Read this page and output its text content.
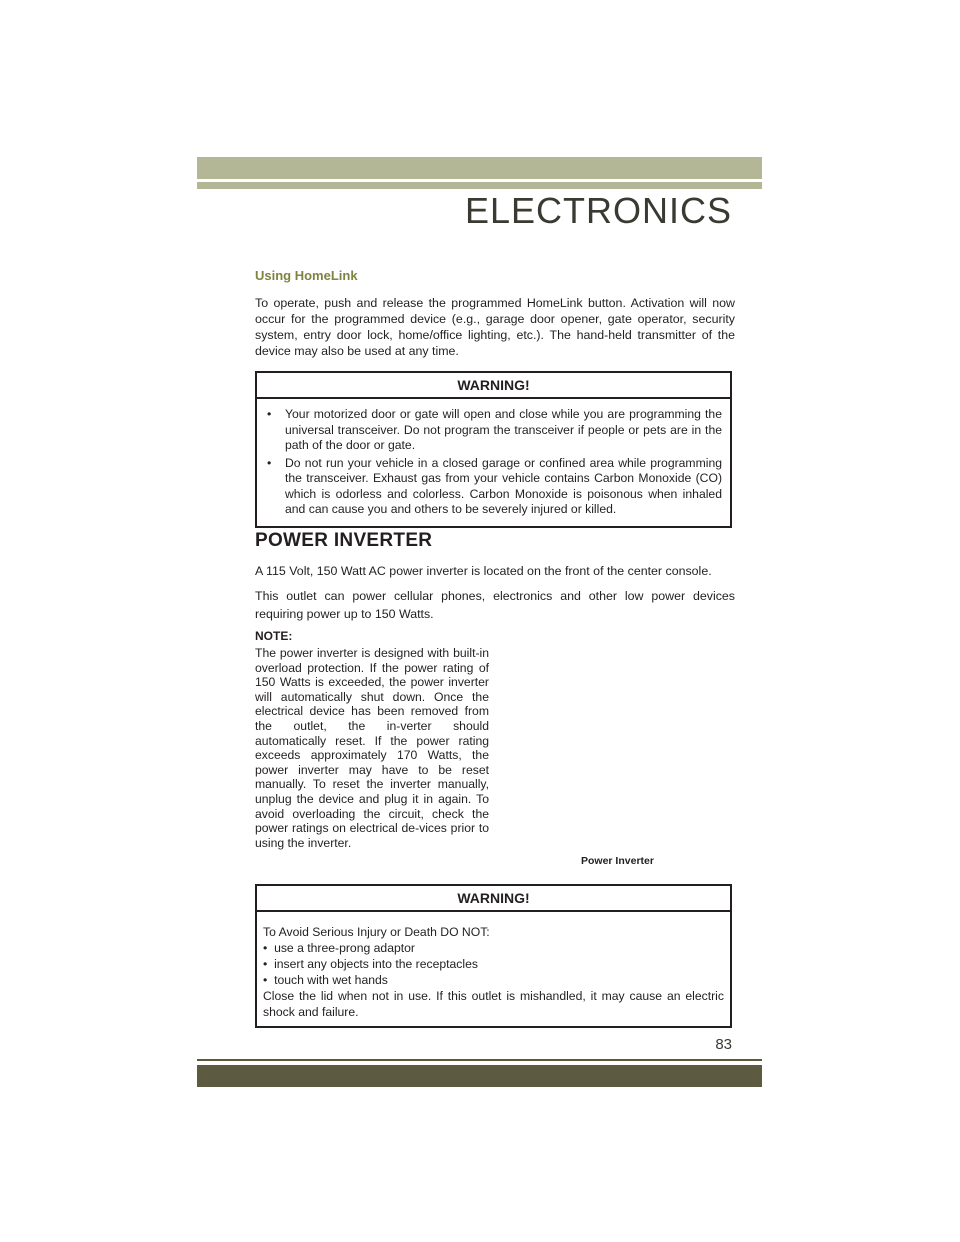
ELECTRONICS
Using HomeLink

To operate, push and release the programmed HomeLink button. Activation will now occur for the programmed device (e.g., garage door opener, gate operator, security system, entry door lock, home/office lighting, etc.). The hand-held transmitter of the device may also be used at any time.

WARNING!

• Your motorized door or gate will open and close while you are programming the universal transceiver. Do not program the transceiver if people or pets are in the path of the door or gate.

• Do not run your vehicle in a closed garage or confined area while programming the transceiver. Exhaust gas from your vehicle contains Carbon Monoxide (CO) which is odorless and colorless. Carbon Monoxide is poisonous when inhaled and can cause you and others to be severely injured or killed.

POWER INVERTER

A 115 Volt, 150 Watt AC power inverter is located on the front of the center console.

This outlet can power cellular phones, electronics and other low power devices requiring power up to 150 Watts.

NOTE:

The power inverter is designed with built-in overload protection. If the power rating of 150 Watts is exceeded, the power inverter will automatically shut down. Once the electrical device has been removed from the outlet, the in-verter should automatically reset. If the power rating exceeds approximately 170 Watts, the power inverter may have to be reset manually. To reset the inverter manually, unplug the device and plug it in again. To avoid overloading the circuit, check the power ratings on electrical de-vices prior to using the inverter.

Power Inverter
WARNING!

To Avoid Serious Injury or Death DO NOT:

• use a three-prong adaptor

• insert any objects into the receptacles

• touch with wet hands

Close the lid when not in use. If this outlet is mishandled, it may cause an electric shock and failure.

83
